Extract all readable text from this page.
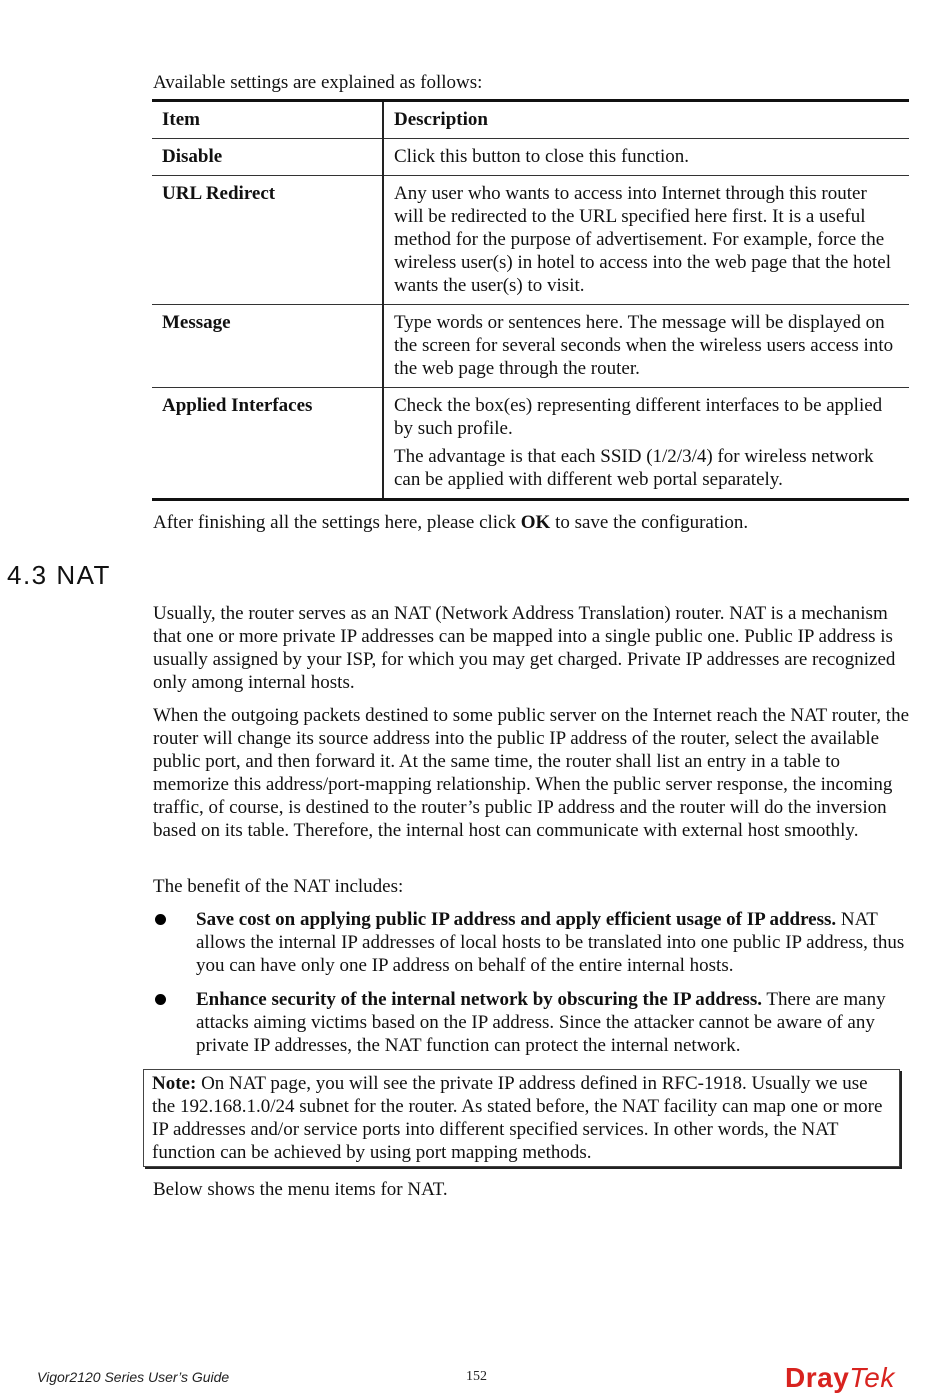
Available settings are explained as follows:

Item	Description
Disable	Click this button to close this function.

URL Redirect	Any user who wants to access into Internet through this router will be redirected to the URL specified here first. It is a useful method for the purpose of advertisement. For example, force the wireless user(s) in hotel to access into the web page that the hotel wants the user(s) to visit.

Message	Type words or sentences here. The message will be displayed on the screen for several seconds when the wireless users access into the web page through the router.

Applied Interfaces	Check the box(es) representing different interfaces to be applied by such profile.

The advantage is that each SSID (1/2/3/4) for wireless network can be applied with different web portal separately.

After finishing all the settings here, please click OK to save the configuration.

4.3 NAT

Usually, the router serves as an NAT (Network Address Translation) router. NAT is a mechanism that one or more private IP addresses can be mapped into a single public one. Public IP address is usually assigned by your ISP, for which you may get charged. Private IP addresses are recognized only among internal hosts.

When the outgoing packets destined to some public server on the Internet reach the NAT router, the router will change its source address into the public IP address of the router, select the available public port, and then forward it. At the same time, the router shall list an entry in a table to memorize this address/port-mapping relationship. When the public server response, the incoming traffic, of course, is destined to the router’s public IP address and the router will do the inversion based on its table. Therefore, the internal host can communicate with external host smoothly.

The benefit of the NAT includes:

Save cost on applying public IP address and apply efficient usage of IP address. NAT allows the internal IP addresses of local hosts to be translated into one public IP address, thus you can have only one IP address on behalf of the entire internal hosts.
Enhance security of the internal network by obscuring the IP address. There are many attacks aiming victims based on the IP address. Since the attacker cannot be aware of any private IP addresses, the NAT function can protect the internal network.
Note: On NAT page, you will see the private IP address defined in RFC-1918. Usually we use the 192.168.1.0/24 subnet for the router. As stated before, the NAT facility can map one or more IP addresses and/or service ports into different specified services. In other words, the NAT function can be achieved by using port mapping methods.

Below shows the menu items for NAT.

Vigor2120 Series User’s Guide	152	DrayTek
